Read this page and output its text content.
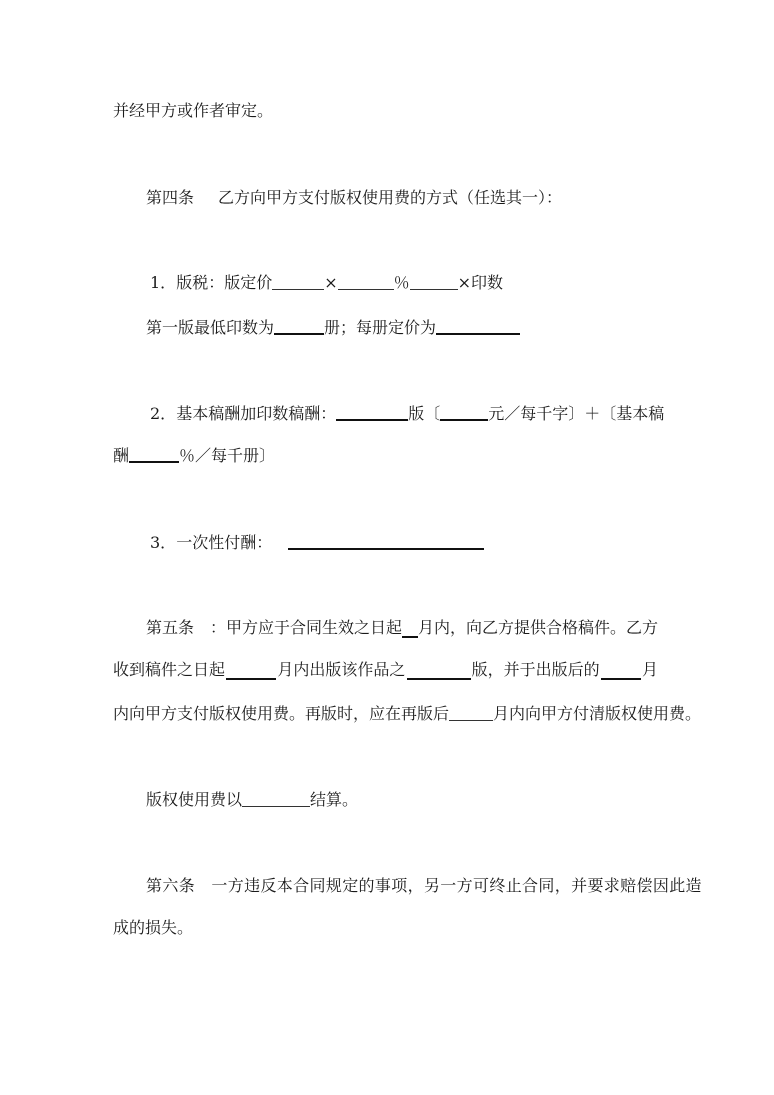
并经甲方或作者审定。
第四条 乙方向甲方支付版权使用费的方式（任选其一）：
1．版税：版定价	×	％	×印数
第一版最低印数为	册；每册定价为
2．基本稿酬加印数稿酬：	版〔	元／每千字〕＋〔基本稿
酬	％／每千册〕
3．一次性付酬：
第五条　：甲方应于合同生效之日起 月内，向乙方提供合格稿件。乙方
收到稿件之日起	月内出版该作品之	版，并于出版后的	月
内向甲方支付版权使用费。再版时，应在再版后	月内向甲方付清版权使用费。
版权使用费以	结算。
第六条　一方违反本合同规定的事项，另一方可终止合同，并要求赔偿因此造
成的损失。
